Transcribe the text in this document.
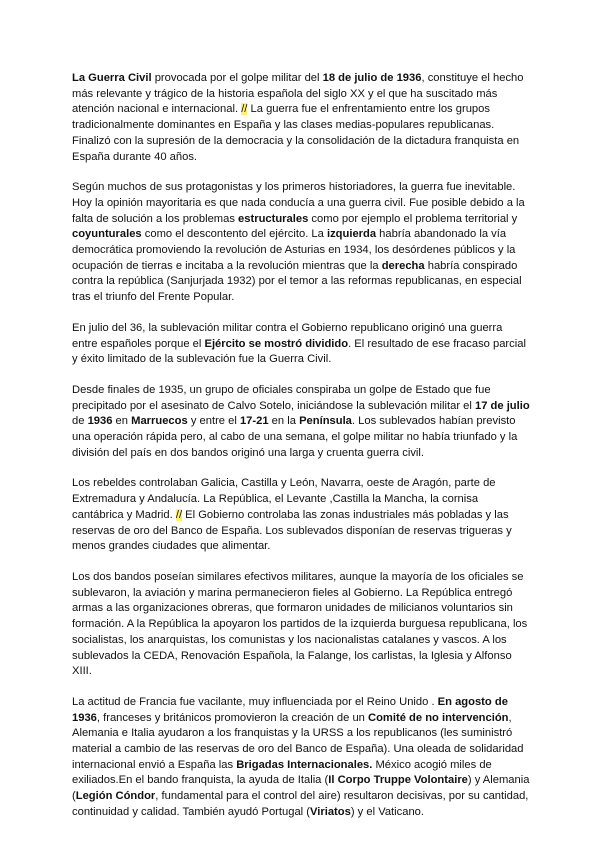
La Guerra Civil provocada por el golpe militar del 18 de julio de 1936, constituye el hecho más relevante y trágico de la historia española del siglo XX y el que ha suscitado más atención nacional e internacional. // La guerra fue el enfrentamiento entre los grupos tradicionalmente dominantes en España y las clases medias-populares republicanas. Finalizó con la supresión de la democracia y la consolidación de la dictadura franquista en España durante 40 años.

Según muchos de sus protagonistas y los primeros historiadores, la guerra fue inevitable. Hoy la opinión mayoritaria es que nada conducía a una guerra civil. Fue posible debido a la falta de solución a los problemas estructurales como por ejemplo el problema territorial y coyunturales como el descontento del ejército. La izquierda habría abandonado la vía democrática promoviendo la revolución de Asturias en 1934, los desórdenes públicos y la ocupación de tierras e incitaba a la revolución mientras que la derecha habría conspirado contra la república (Sanjurjada 1932) por el temor a las reformas republicanas, en especial tras el triunfo del Frente Popular.

En julio del 36, la sublevación militar contra el Gobierno republicano originó una guerra entre españoles porque el Ejército se mostró dividido. El resultado de ese fracaso parcial y éxito limitado de la sublevación fue la Guerra Civil.

Desde finales de 1935, un grupo de oficiales conspiraba un golpe de Estado que fue precipitado por el asesinato de Calvo Sotelo, iniciándose la sublevación militar el 17 de julio de 1936 en Marruecos y entre el 17-21 en la Península. Los sublevados habían previsto una operación rápida pero, al cabo de una semana, el golpe militar no había triunfado y la división del país en dos bandos originó una larga y cruenta guerra civil.

Los rebeldes controlaban Galicia, Castilla y León, Navarra, oeste de Aragón, parte de Extremadura y Andalucía. La República, el Levante ,Castilla la Mancha, la cornisa cantábrica y Madrid. // El Gobierno controlaba las zonas industriales más pobladas y las reservas de oro del Banco de España. Los sublevados disponían de reservas trigueras y menos grandes ciudades que alimentar.

Los dos bandos poseían similares efectivos militares, aunque la mayoría de los oficiales se sublevaron, la aviación y marina permanecieron fieles al Gobierno. La República entregó armas a las organizaciones obreras, que formaron unidades de milicianos voluntarios sin formación. A la República la apoyaron los partidos de la izquierda burguesa republicana, los socialistas, los anarquistas, los comunistas y los nacionalistas catalanes y vascos. A los sublevados la CEDA, Renovación Española, la Falange, los carlistas, la Iglesia y Alfonso XIII.

La actitud de Francia fue vacilante, muy influenciada por el Reino Unido . En agosto de 1936, franceses y británicos promovieron la creación de un Comité de no intervención, Alemania e Italia ayudaron a los franquistas y la URSS a los republicanos (les suministró material a cambio de las reservas de oro del Banco de España). Una oleada de solidaridad internacional envió a España las Brigadas Internacionales. México acogió miles de exiliados.En el bando franquista, la ayuda de Italia (Il Corpo Truppe Volontaire) y Alemania (Legión Cóndor, fundamental para el control del aire) resultaron decisivas, por su cantidad, continuidad y calidad. También ayudó Portugal (Viriatos) y el Vaticano.
